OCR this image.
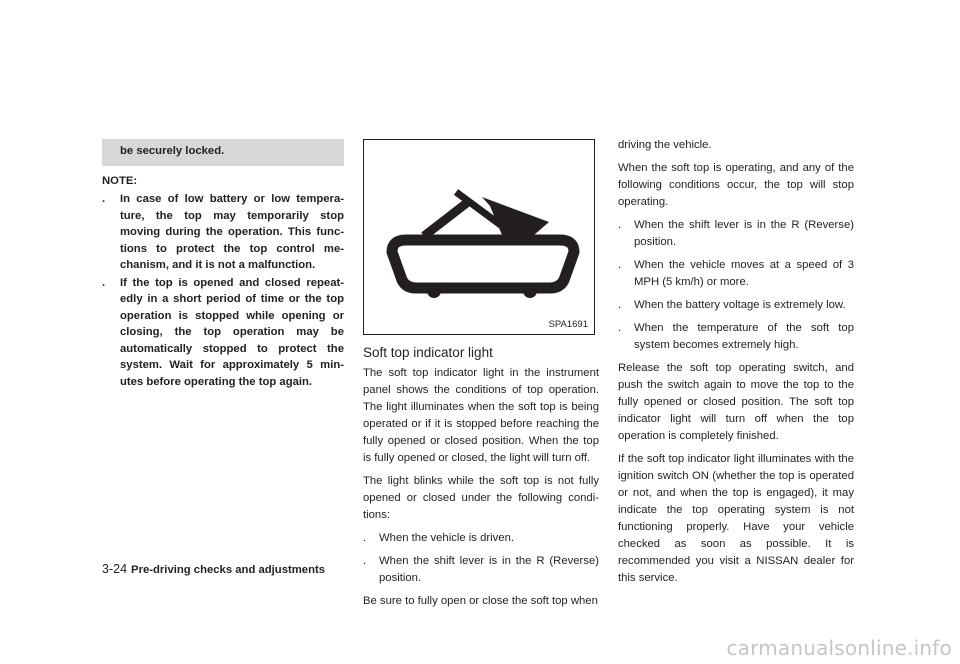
be securely locked.
NOTE:
. In case of low battery or low tempera- ture, the top may temporarily stop moving during the operation. This func- tions to protect the top control me- chanism, and it is not a malfunction.
. If the top is opened and closed repeat- edly in a short period of time or the top operation is stopped while opening or closing, the top operation may be automatically stopped to protect the system. Wait for approximately 5 min- utes before operating the top again.
SPA1691
Soft top indicator light

The soft top indicator light in the instrument panel shows the conditions of top operation. The light illuminates when the soft top is being operated or if it is stopped before reaching the fully opened or closed position. When the top is fully opened or closed, the light will turn off.

The light blinks while the soft top is not fully opened or closed under the following condi- tions:

. When the vehicle is driven.
. When the shift lever is in the R (Reverse) position.

Be sure to fully open or close the soft top when

driving the vehicle.

When the soft top is operating, and any of the following conditions occur, the top will stop operating.

. When the shift lever is in the R (Reverse) position.
. When the vehicle moves at a speed of 3 MPH (5 km/h) or more.
. When the battery voltage is extremely low.
. When the temperature of the soft top system becomes extremely high.

Release the soft top operating switch, and push the switch again to move the top to the fully opened or closed position. The soft top indicator light will turn off when the top operation is completely finished.

If the soft top indicator light illuminates with the ignition switch ON (whether the top is operated or not, and when the top is engaged), it may indicate the top operating system is not functioning properly. Have your vehicle checked as soon as possible. It is recommended you visit a NISSAN dealer for this service.

3-24 Pre-driving checks and adjustments
carmanualsonline.info
